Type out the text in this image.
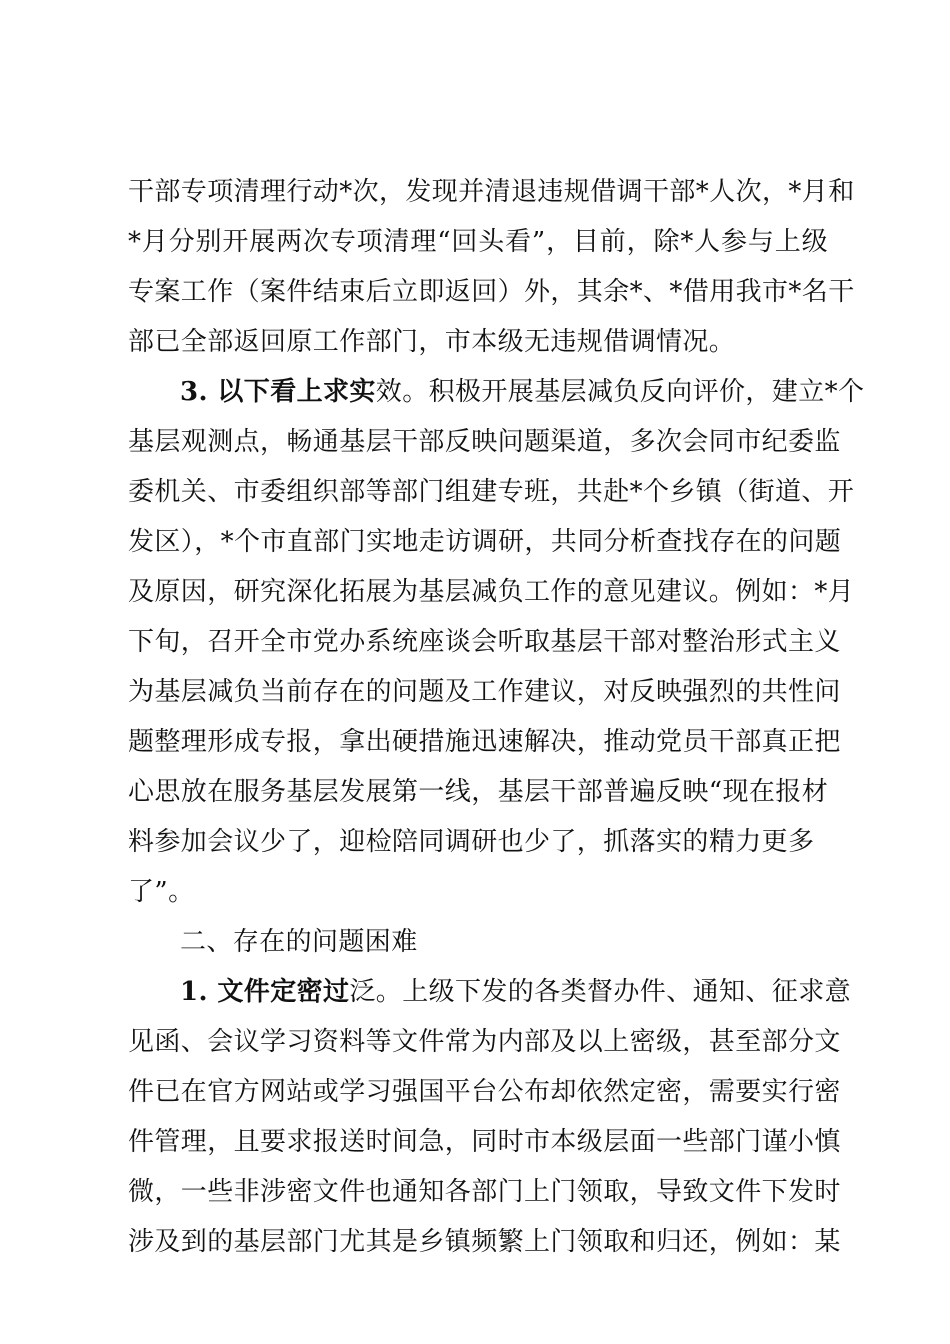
干部专项清理行动*次，发现并清退违规借调干部*人次，*月和
*月分别开展两次专项清理“回头看”，目前，除*人参与上级
专案工作（案件结束后立即返回）外，其余*、*借用我市*名干
部已全部返回原工作部门，市本级无违规借调情况。
3. 以下看上求实效。积极开展基层减负反向评价，建立*个
基层观测点，畅通基层干部反映问题渠道，多次会同市纪委监
委机关、市委组织部等部门组建专班，共赴*个乡镇（街道、开
发区），*个市直部门实地走访调研，共同分析查找存在的问题
及原因，研究深化拓展为基层减负工作的意见建议。例如：*月
下旬，召开全市党办系统座谈会听取基层干部对整治形式主义
为基层减负当前存在的问题及工作建议，对反映强烈的共性问
题整理形成专报，拿出硬措施迅速解决，推动党员干部真正把
心思放在服务基层发展第一线，基层干部普遍反映“现在报材
料参加会议少了，迎检陪同调研也少了，抓落实的精力更多
了”。
二、存在的问题困难
1. 文件定密过泛。上级下发的各类督办件、通知、征求意
见函、会议学习资料等文件常为内部及以上密级，甚至部分文
件已在官方网站或学习强国平台公布却依然定密，需要实行密
件管理，且要求报送时间急，同时市本级层面一些部门谨小慎
微，一些非涉密文件也通知各部门上门领取，导致文件下发时
涉及到的基层部门尤其是乡镇频繁上门领取和归还，例如：某
